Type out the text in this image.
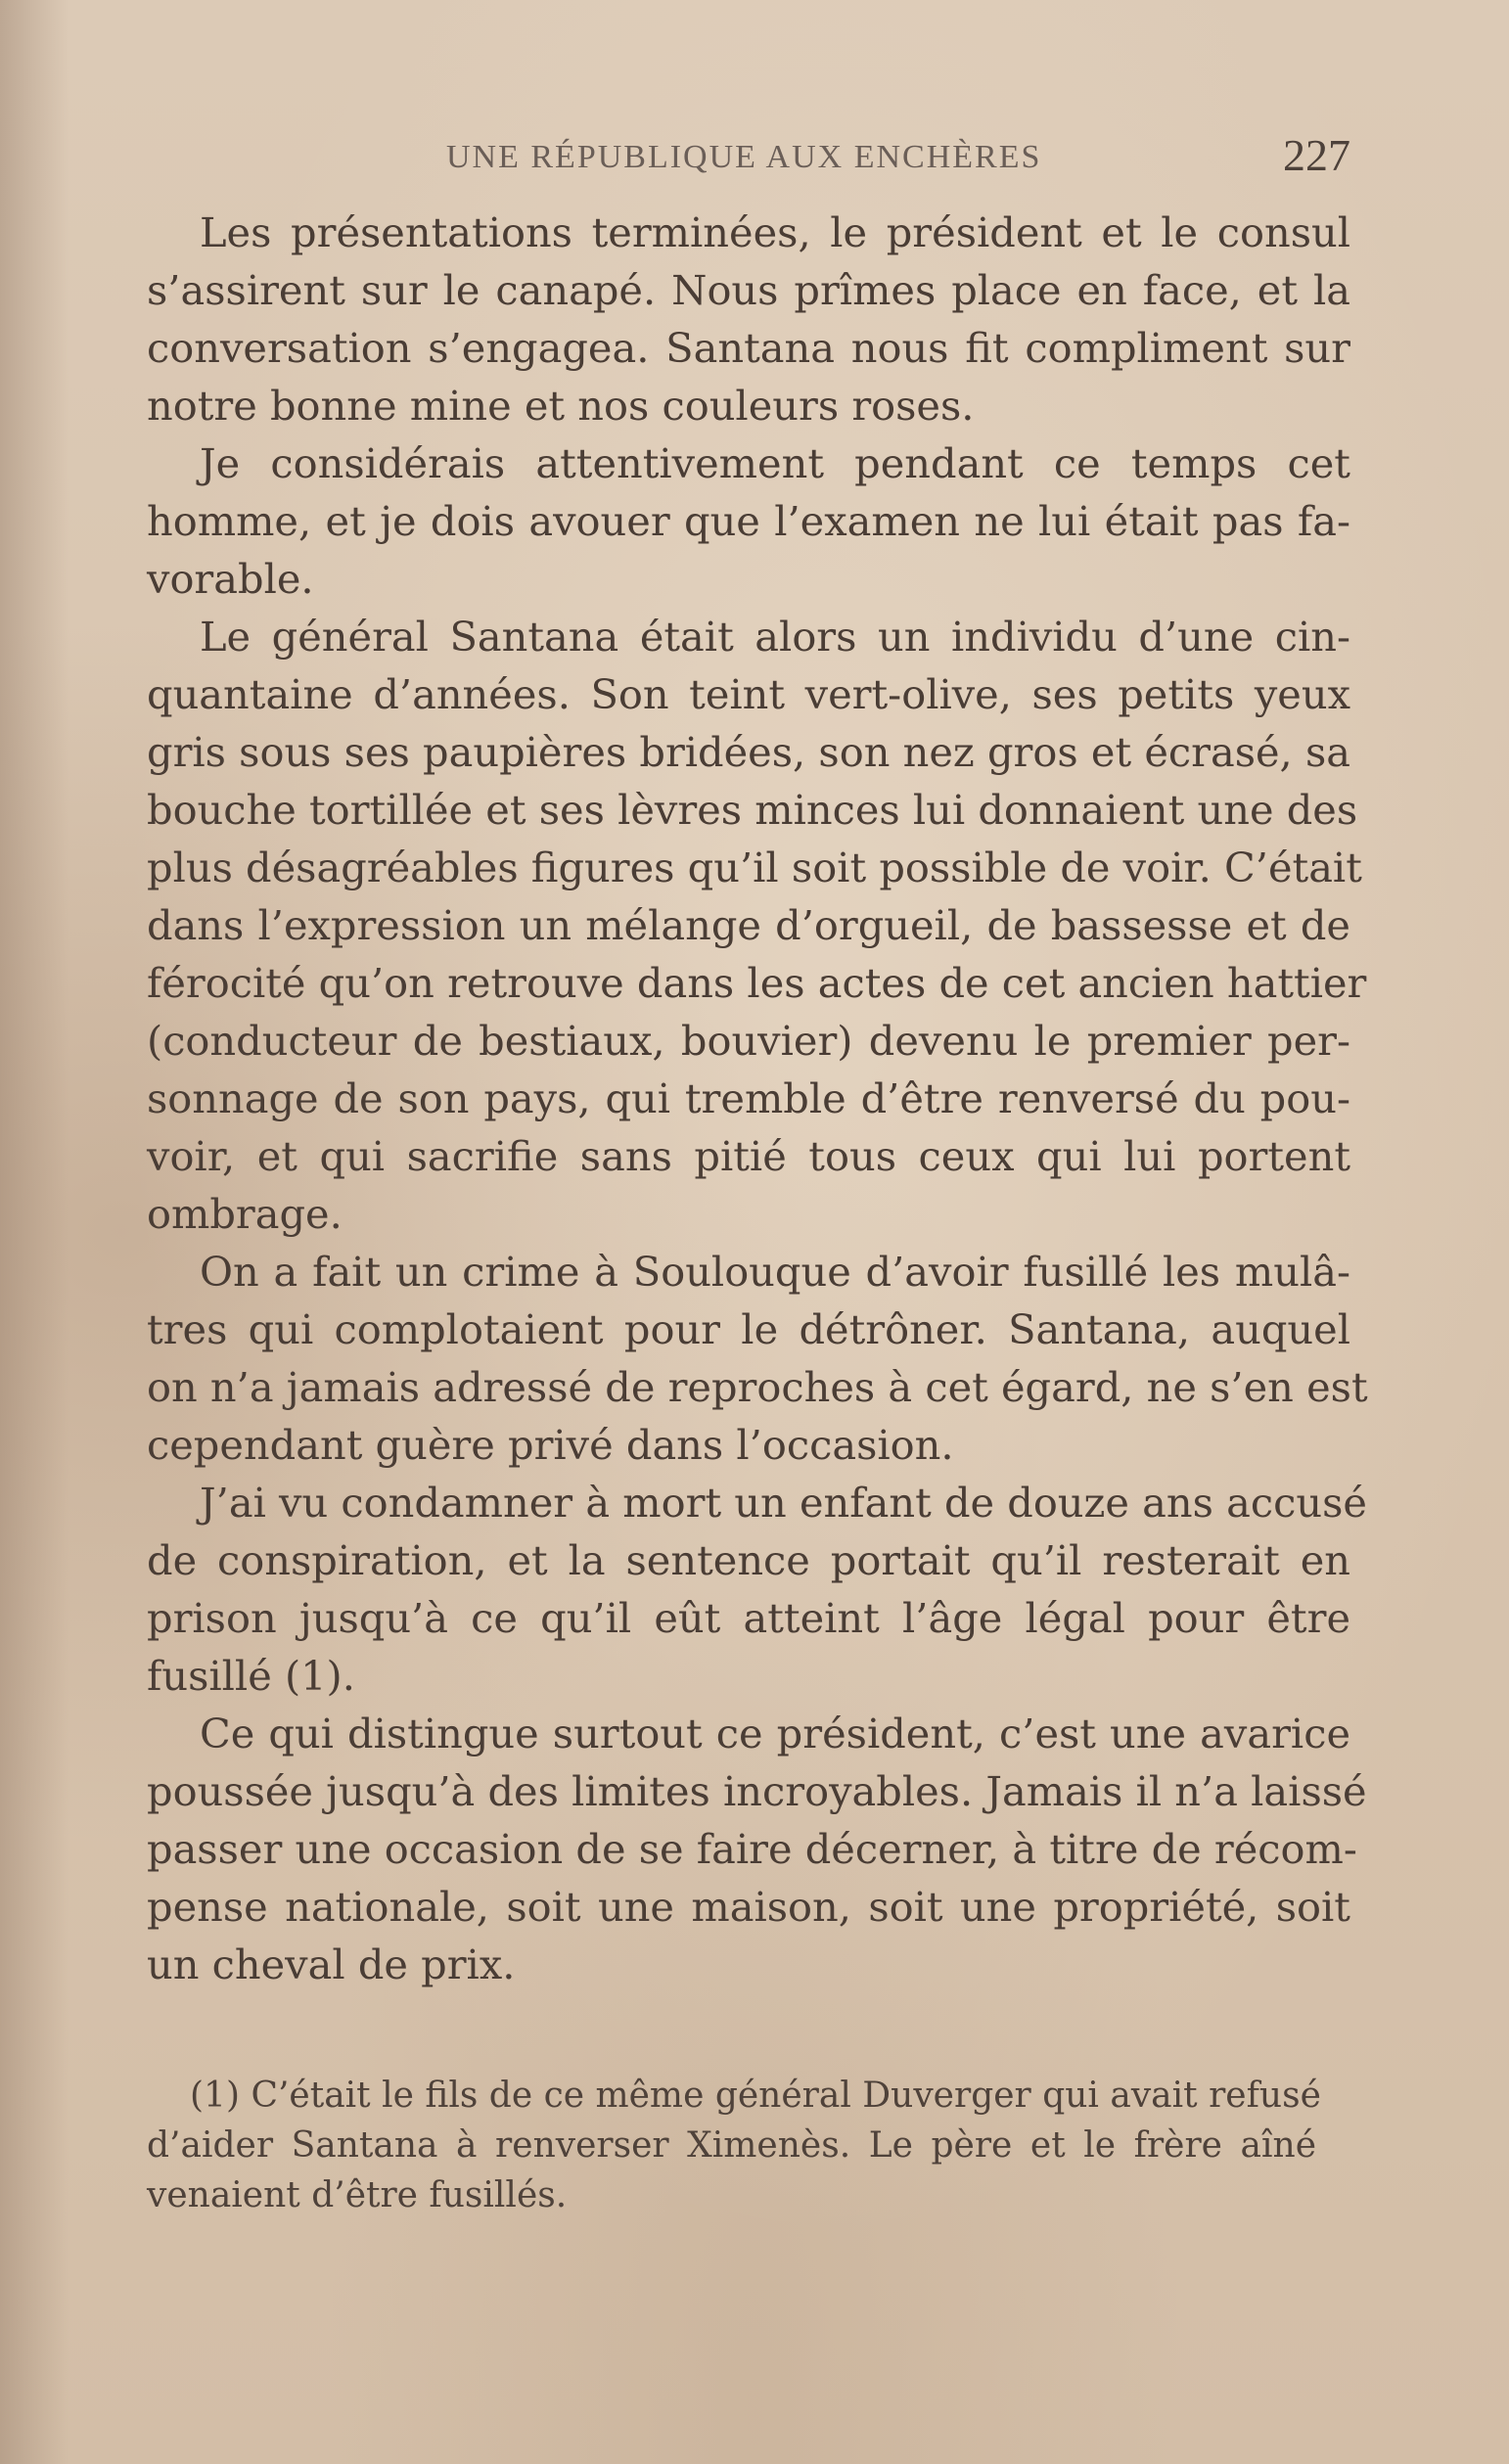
UNE RÉPUBLIQUE AUX ENCHÈRES	227
Les présentations terminées, le président et le consul
s’assirent sur le canapé. Nous prîmes place en face, et la
conversation s’engagea. Santana nous fit compliment sur
notre bonne mine et nos couleurs roses.
Je considérais attentivement pendant ce temps cet
homme, et je dois avouer que l’examen ne lui était pas fa-
vorable.
Le général Santana était alors un individu d’une cin-
quantaine d’années. Son teint vert-olive, ses petits yeux
gris sous ses paupières bridées, son nez gros et écrasé, sa
bouche tortillée et ses lèvres minces lui donnaient une des
plus désagréables figures qu’il soit possible de voir. C’était
dans l’expression un mélange d’orgueil, de bassesse et de
férocité qu’on retrouve dans les actes de cet ancien hattier
(conducteur de bestiaux, bouvier) devenu le premier per-
sonnage de son pays, qui tremble d’être renversé du pou-
voir, et qui sacrifie sans pitié tous ceux qui lui portent
ombrage.
On a fait un crime à Soulouque d’avoir fusillé les mulâ-
tres qui complotaient pour le détrôner. Santana, auquel
on n’a jamais adressé de reproches à cet égard, ne s’en est
cependant guère privé dans l’occasion.
J’ai vu condamner à mort un enfant de douze ans accusé
de conspiration, et la sentence portait qu’il resterait en
prison jusqu’à ce qu’il eût atteint l’âge légal pour être
fusillé (1).
Ce qui distingue surtout ce président, c’est une avarice
poussée jusqu’à des limites incroyables. Jamais il n’a laissé
passer une occasion de se faire décerner, à titre de récom-
pense nationale, soit une maison, soit une propriété, soit
un cheval de prix.
(1) C’était le fils de ce même général Duverger qui avait refusé
d’aider Santana à renverser Ximenès. Le père et le frère aîné
venaient d’être fusillés.
